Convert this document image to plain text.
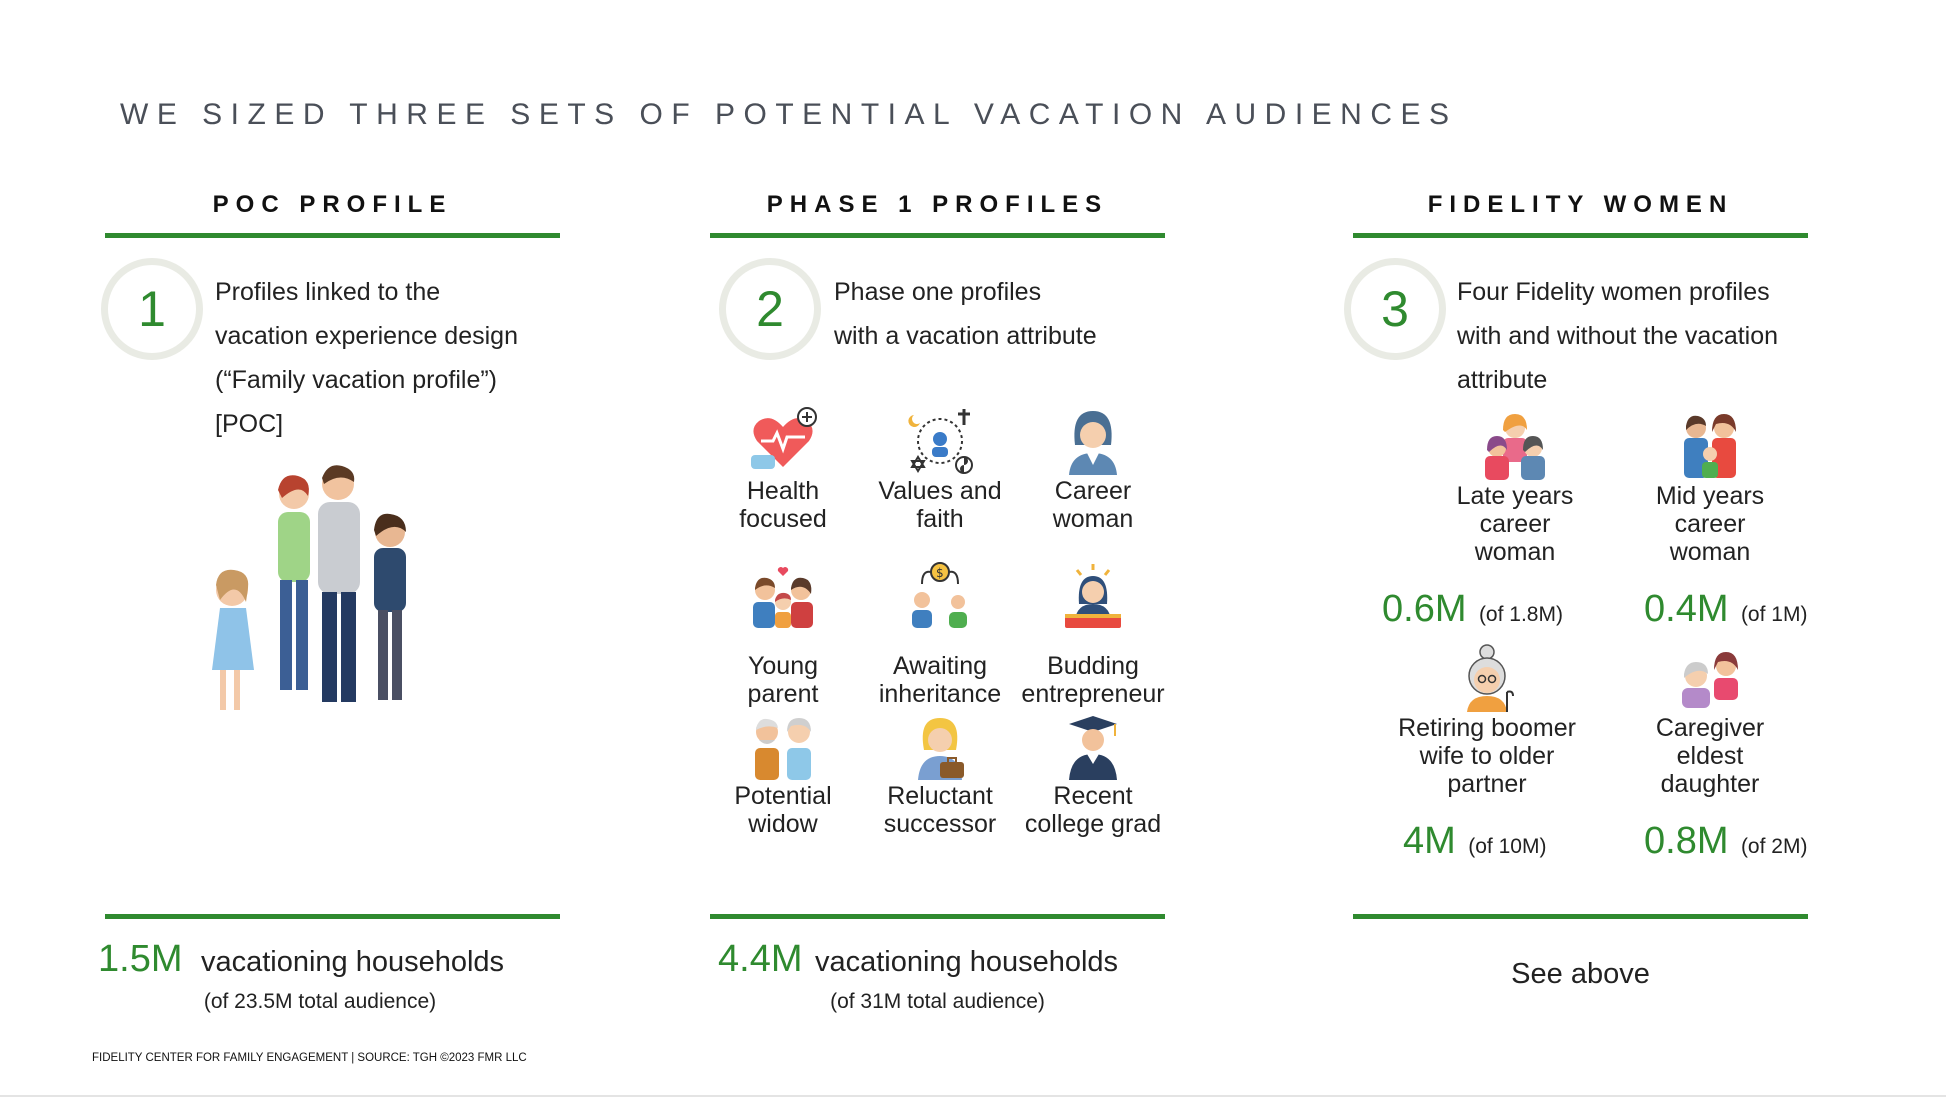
WE SIZED THREE SETS OF POTENTIAL VACATION AUDIENCES
POC PROFILE
1 Profiles linked to the
vacation experience design
(“Family vacation profile”)
[POC]
1.5M vacationing households
(of 23.5M total audience)
PHASE 1 PROFILES
2 Phase one profiles
with a vacation attribute
Health
focused
Values and
faith
Career
woman
Young
parent
$
Awaiting
inheritance
Budding
entrepreneur
Potential
widow
Reluctant
successor
Recent
college grad
4.4M vacationing households
(of 31M total audience)
FIDELITY WOMEN
3 Four Fidelity women profiles
with and without the vacation
attribute
Late years
career
woman
0.6M (of 1.8M)
Mid years
career
woman
0.4M (of 1M)
Retiring boomer
wife to older
partner
4M (of 10M)
Caregiver
eldest
daughter
0.8M (of 2M)
See above
FIDELITY CENTER FOR FAMILY ENGAGEMENT | SOURCE: TGH ©2023 FMR LLC
